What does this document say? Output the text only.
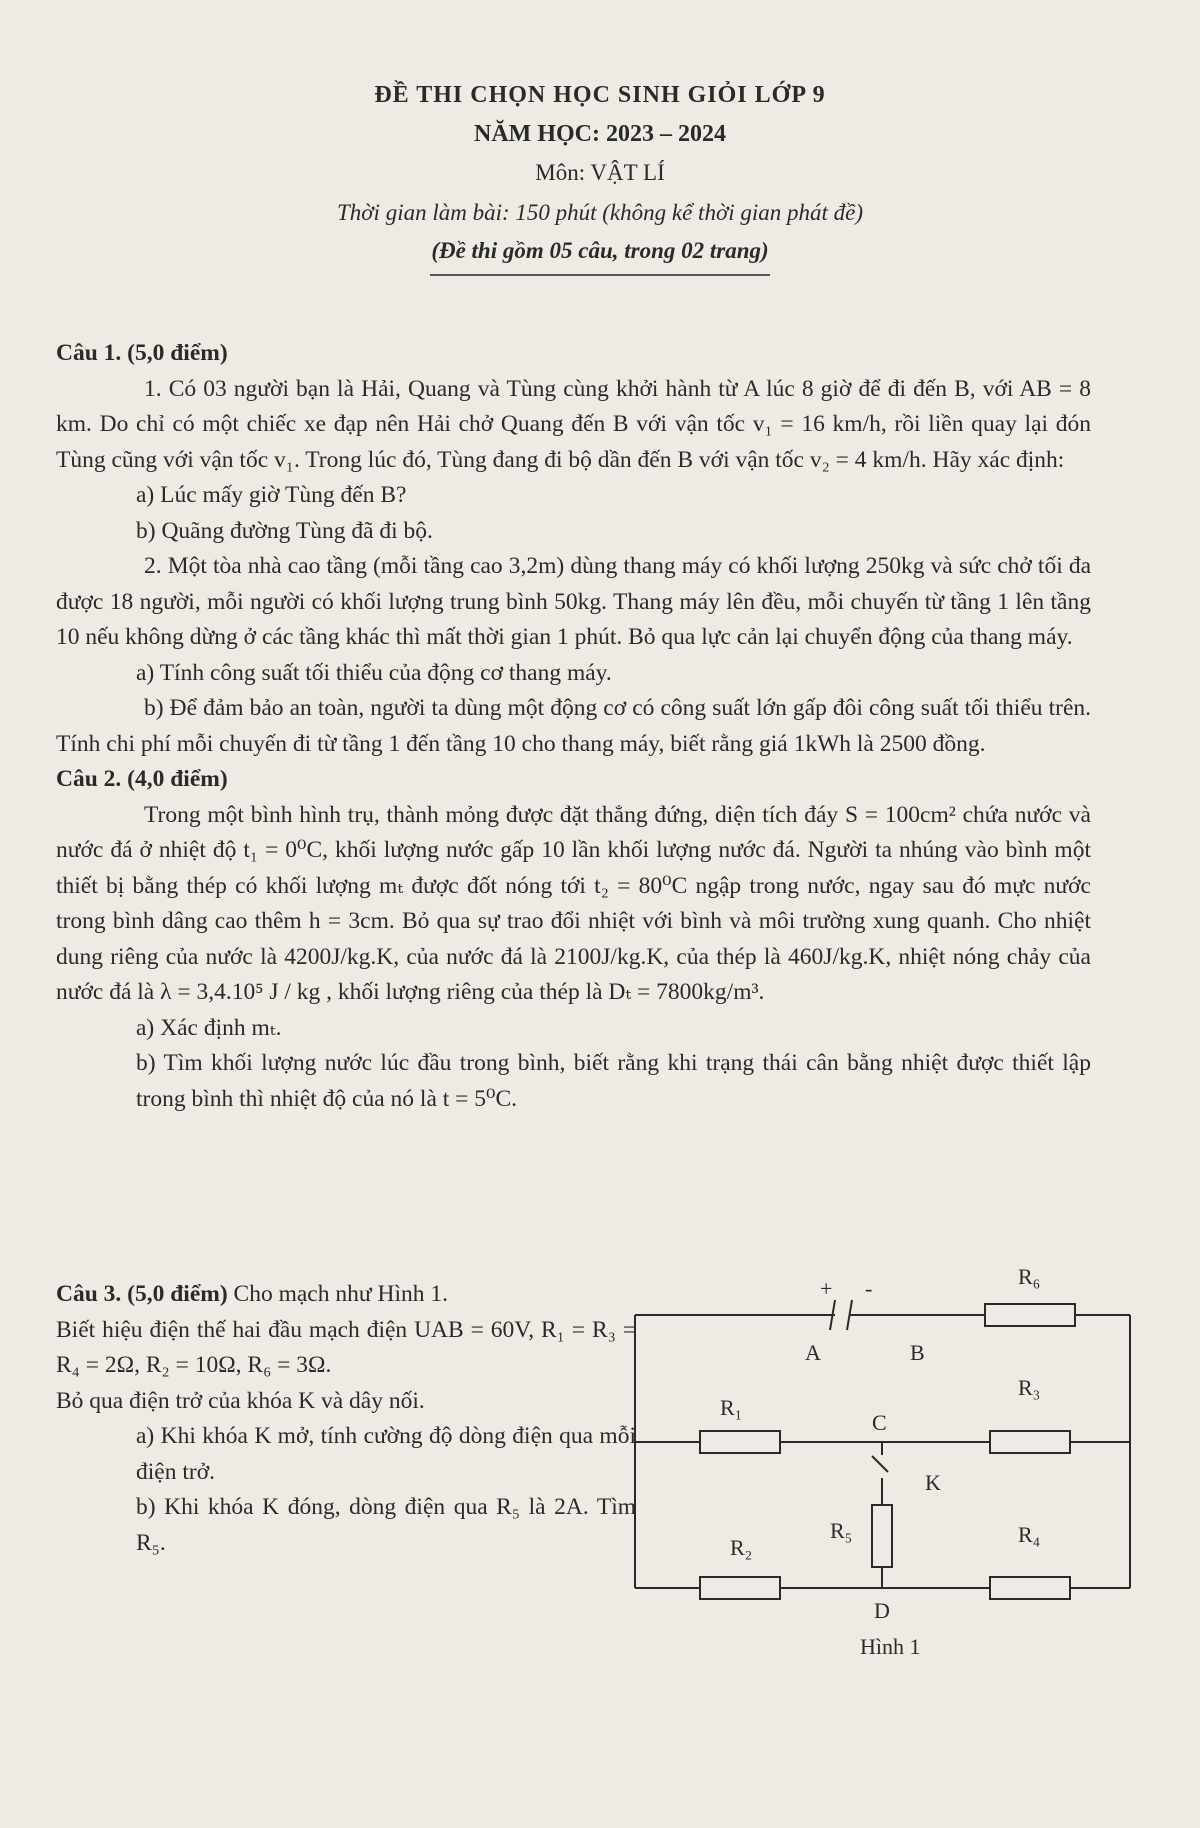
ĐỀ THI CHỌN HỌC SINH GIỎI LỚP 9

NĂM HỌC: 2023 – 2024

Môn: VẬT LÍ

Thời gian làm bài: 150 phút (không kể thời gian phát đề)

(Đề thi gồm 05 câu, trong 02 trang)

Câu 1. (5,0 điểm)

1. Có 03 người bạn là Hải, Quang và Tùng cùng khởi hành từ A lúc 8 giờ để đi đến B, với AB = 8 km. Do chỉ có một chiếc xe đạp nên Hải chở Quang đến B với vận tốc v₁ = 16 km/h, rồi liền quay lại đón Tùng cũng với vận tốc v₁. Trong lúc đó, Tùng đang đi bộ dần đến B với vận tốc v₂ = 4 km/h. Hãy xác định:

a) Lúc mấy giờ Tùng đến B?

b) Quãng đường Tùng đã đi bộ.

2. Một tòa nhà cao tầng (mỗi tầng cao 3,2m) dùng thang máy có khối lượng 250kg và sức chở tối đa được 18 người, mỗi người có khối lượng trung bình 50kg. Thang máy lên đều, mỗi chuyến từ tầng 1 lên tầng 10 nếu không dừng ở các tầng khác thì mất thời gian 1 phút. Bỏ qua lực cản lại chuyển động của thang máy.

a) Tính công suất tối thiểu của động cơ thang máy.

b) Để đảm bảo an toàn, người ta dùng một động cơ có công suất lớn gấp đôi công suất tối thiểu trên. Tính chi phí mỗi chuyến đi từ tầng 1 đến tầng 10 cho thang máy, biết rằng giá 1kWh là 2500 đồng.

Câu 2. (4,0 điểm)

Trong một bình hình trụ, thành mỏng được đặt thẳng đứng, diện tích đáy S = 100cm² chứa nước và nước đá ở nhiệt độ t₁ = 0⁰C, khối lượng nước gấp 10 lần khối lượng nước đá. Người ta nhúng vào bình một thiết bị bằng thép có khối lượng mₜ được đốt nóng tới t₂ = 80⁰C ngập trong nước, ngay sau đó mực nước trong bình dâng cao thêm h = 3cm. Bỏ qua sự trao đổi nhiệt với bình và môi trường xung quanh. Cho nhiệt dung riêng của nước là 4200J/kg.K, của nước đá là 2100J/kg.K, của thép là 460J/kg.K, nhiệt nóng chảy của nước đá là λ = 3,4.10⁵ J / kg , khối lượng riêng của thép là Dₜ = 7800kg/m³.

a) Xác định mₜ.

b) Tìm khối lượng nước lúc đầu trong bình, biết rằng khi trạng thái cân bằng nhiệt được thiết lập trong bình thì nhiệt độ của nó là t = 5⁰C.

Câu 3. (5,0 điểm) Cho mạch như Hình 1.

Biết hiệu điện thế hai đầu mạch điện UAB = 60V, R₁ = R₃ = R₄ = 2Ω, R₂ = 10Ω, R₆ = 3Ω.

Bỏ qua điện trở của khóa K và dây nối.

a) Khi khóa K mở, tính cường độ dòng điện qua mỗi điện trở.

b) Khi khóa K đóng, dòng điện qua R₅ là 2A. Tìm R₅.

+ -
A	B
R₆
R₁
R₃
C
K
R₂
R₅	R₄
D
Hình 1
